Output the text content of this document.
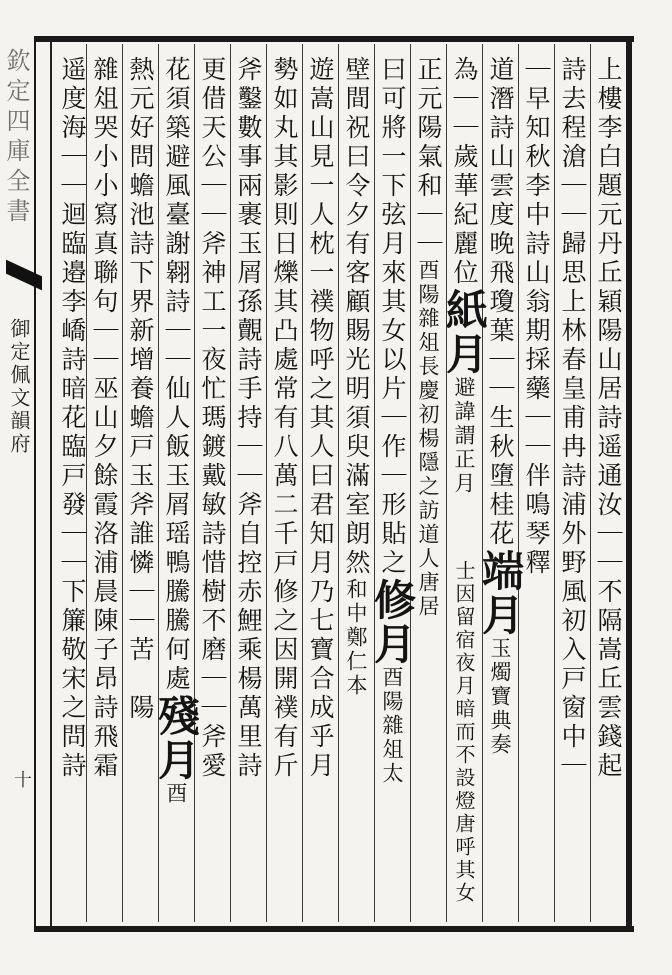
欽定四庫全書
御定佩文韻府
十	上樓李白題元丹丘穎陽山居詩遥通汝｜｜不隔嵩丘雲錢起
詩去程滄｜｜歸思上林春皇甫冉詩浦外野風初入戸窗中｜
｜早知秋李中詩山翁期採藥｜｜伴鳴琴釋
道潛詩山雲度晚飛瓊葉｜｜生秋墮桂花端月玉燭寶典奏
為｜｜歲華紀麗位紙月避諱謂正月
正元陽氣和｜｜酉陽雜俎長慶初楊隱之訪道人唐居
曰可將一下弦月來其女以片｜作｜形貼之修月酉陽雜俎太
壁間祝曰令夕有客顧賜光明須臾滿室朗然和中鄭仁本
遊嵩山見一人枕一襆物呼之其人曰君知月乃七寶合成乎月
勢如丸其影則日爍其凸處常有八萬二千戸修之因開襆有斤
斧鑿數事兩裹玉屑孫覿詩手持｜｜斧自控赤鯉乘楊萬里詩
更借天公｜｜斧神工一夜忙瑪鍍戴敏詩惜樹不磨｜｜斧愛
花須築避風臺謝翱詩｜｜仙人飯玉屑瑶鴨騰騰何處殘月酉
熱元好問蟾池詩下界新增養蟾戸玉斧誰憐｜｜苦　陽
雜俎哭小小寫真聯句｜｜巫山夕餘霞洛浦晨陳子昂詩飛霜
遥度海｜｜迴臨邉李嶠詩暗花臨戸發｜｜下簾敬宋之問詩	士因留宿夜月暗而不設燈唐呼其女
